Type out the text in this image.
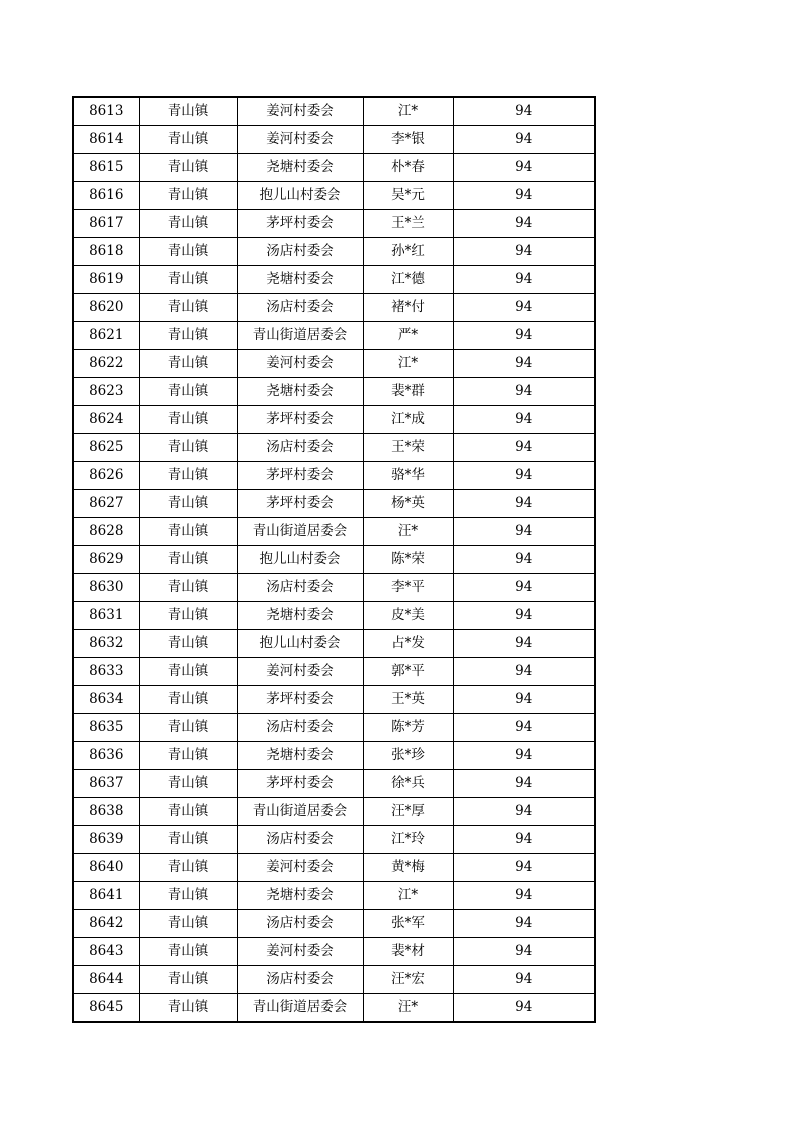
8613	青山镇	姜河村委会	江*	94
8614	青山镇	姜河村委会	李*银	94
8615	青山镇	尧塘村委会	朴*春	94
8616	青山镇	抱儿山村委会	吴*元	94
8617	青山镇	茅坪村委会	王*兰	94
8618	青山镇	汤店村委会	孙*红	94
8619	青山镇	尧塘村委会	江*德	94
8620	青山镇	汤店村委会	褚*付	94
8621	青山镇	青山街道居委会	严*	94
8622	青山镇	姜河村委会	江*	94
8623	青山镇	尧塘村委会	裴*群	94
8624	青山镇	茅坪村委会	江*成	94
8625	青山镇	汤店村委会	王*荣	94
8626	青山镇	茅坪村委会	骆*华	94
8627	青山镇	茅坪村委会	杨*英	94
8628	青山镇	青山街道居委会	汪*	94
8629	青山镇	抱儿山村委会	陈*荣	94
8630	青山镇	汤店村委会	李*平	94
8631	青山镇	尧塘村委会	皮*美	94
8632	青山镇	抱儿山村委会	占*发	94
8633	青山镇	姜河村委会	郭*平	94
8634	青山镇	茅坪村委会	王*英	94
8635	青山镇	汤店村委会	陈*芳	94
8636	青山镇	尧塘村委会	张*珍	94
8637	青山镇	茅坪村委会	徐*兵	94
8638	青山镇	青山街道居委会	汪*厚	94
8639	青山镇	汤店村委会	江*玲	94
8640	青山镇	姜河村委会	黄*梅	94
8641	青山镇	尧塘村委会	江*	94
8642	青山镇	汤店村委会	张*军	94
8643	青山镇	姜河村委会	裴*材	94
8644	青山镇	汤店村委会	汪*宏	94
8645	青山镇	青山街道居委会	汪*	94
